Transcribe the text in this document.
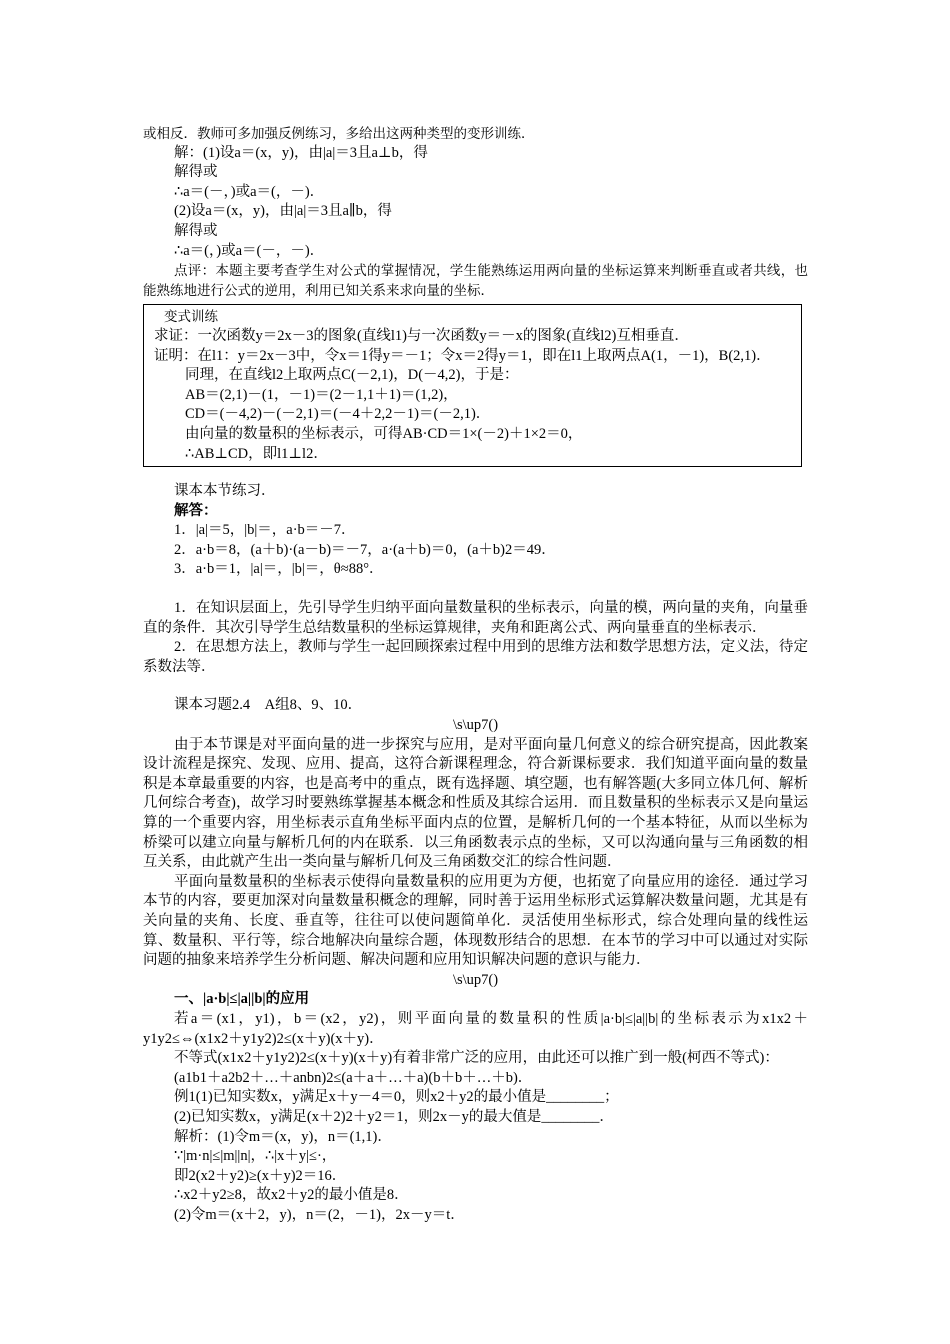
或相反．教师可多加强反例练习，多给出这两种类型的变形训练．
解：(1)设a＝(x，y)，由|a|＝3且a⊥b，得
解得或
∴a＝(－，)或a＝(，－)．
(2)设a＝(x，y)，由|a|＝3且a∥b，得
解得或
∴a＝(，)或a＝(－，－)．
点评：本题主要考查学生对公式的掌握情况，学生能熟练运用两向量的坐标运算来判断垂直或者共线，也能熟练地进行公式的逆用，利用已知关系来求向量的坐标．
变式训练
求证：一次函数y＝2x－3的图象(直线l1)与一次函数y＝－x的图象(直线l2)互相垂直．
证明：在l1：y＝2x－3中，令x＝1得y＝－1；令x＝2得y＝1，即在l1上取两点A(1，－1)，B(2,1)．
同理，在直线l2上取两点C(－2,1)，D(－4,2)，于是：
AB＝(2,1)－(1，－1)＝(2－1,1＋1)＝(1,2)，
CD＝(－4,2)－(－2,1)＝(－4＋2,2－1)＝(－2,1)．
由向量的数量积的坐标表示，可得AB·CD＝1×(－2)＋1×2＝0，
∴AB⊥CD，即l1⊥l2．
课本本节练习．
解答：
1．|a|＝5，|b|＝，a·b＝－7．
2．a·b＝8，(a＋b)·(a－b)＝－7，a·(a＋b)＝0，(a＋b)2＝49．
3．a·b＝1，|a|＝，|b|＝，θ≈88°．
1．在知识层面上，先引导学生归纳平面向量数量积的坐标表示，向量的模，两向量的夹角，向量垂直的条件．其次引导学生总结数量积的坐标运算规律，夹角和距离公式、两向量垂直的坐标表示．
2．在思想方法上，教师与学生一起回顾探索过程中用到的思维方法和数学思想方法，定义法，待定系数法等．
课本习题2.4　A组8、9、10．
\s\up7()
由于本节课是对平面向量的进一步探究与应用，是对平面向量几何意义的综合研究提高，因此教案设计流程是探究、发现、应用、提高，这符合新课程理念，符合新课标要求．我们知道平面向量的数量积是本章最重要的内容，也是高考中的重点，既有选择题、填空题，也有解答题(大多同立体几何、解析几何综合考查)，故学习时要熟练掌握基本概念和性质及其综合运用．而且数量积的坐标表示又是向量运算的一个重要内容，用坐标表示直角坐标平面内点的位置，是解析几何的一个基本特征，从而以坐标为桥梁可以建立向量与解析几何的内在联系．以三角函数表示点的坐标，又可以沟通向量与三角函数的相互关系，由此就产生出一类向量与解析几何及三角函数交汇的综合性问题．
平面向量数量积的坐标表示使得向量数量积的应用更为方便，也拓宽了向量应用的途径．通过学习本节的内容，要更加深对向量数量积概念的理解，同时善于运用坐标形式运算解决数量问题，尤其是有关向量的夹角、长度、垂直等，往往可以使问题简单化．灵活使用坐标形式，综合处理向量的线性运算、数量积、平行等，综合地解决向量综合题，体现数形结合的思想．在本节的学习中可以通过对实际问题的抽象来培养学生分析问题、解决问题和应用知识解决问题的意识与能力．
\s\up7()
一、|a·b|≤|a||b|的应用
若a＝(x1，y1)，b＝(x2，y2)，则平面向量的数量积的性质|a·b|≤|a||b|的坐标表示为x1x2＋y1y2≤⇔(x1x2＋y1y2)2≤(x＋y)(x＋y)．
不等式(x1x2＋y1y2)2≤(x＋y)(x＋y)有着非常广泛的应用，由此还可以推广到一般(柯西不等式)：
(a1b1＋a2b2＋…＋anbn)2≤(a＋a＋…＋a)(b＋b＋…＋b)．
例1(1)已知实数x，y满足x＋y－4＝0，则x2＋y2的最小值是________；
(2)已知实数x，y满足(x＋2)2＋y2＝1，则2x－y的最大值是________．
解析：(1)令m＝(x，y)，n＝(1,1)．
∵|m·n|≤|m||n|，∴|x＋y|≤·，
即2(x2＋y2)≥(x＋y)2＝16．
∴x2＋y2≥8，故x2＋y2的最小值是8．
(2)令m＝(x＋2，y)，n＝(2，－1)，2x－y＝t．
